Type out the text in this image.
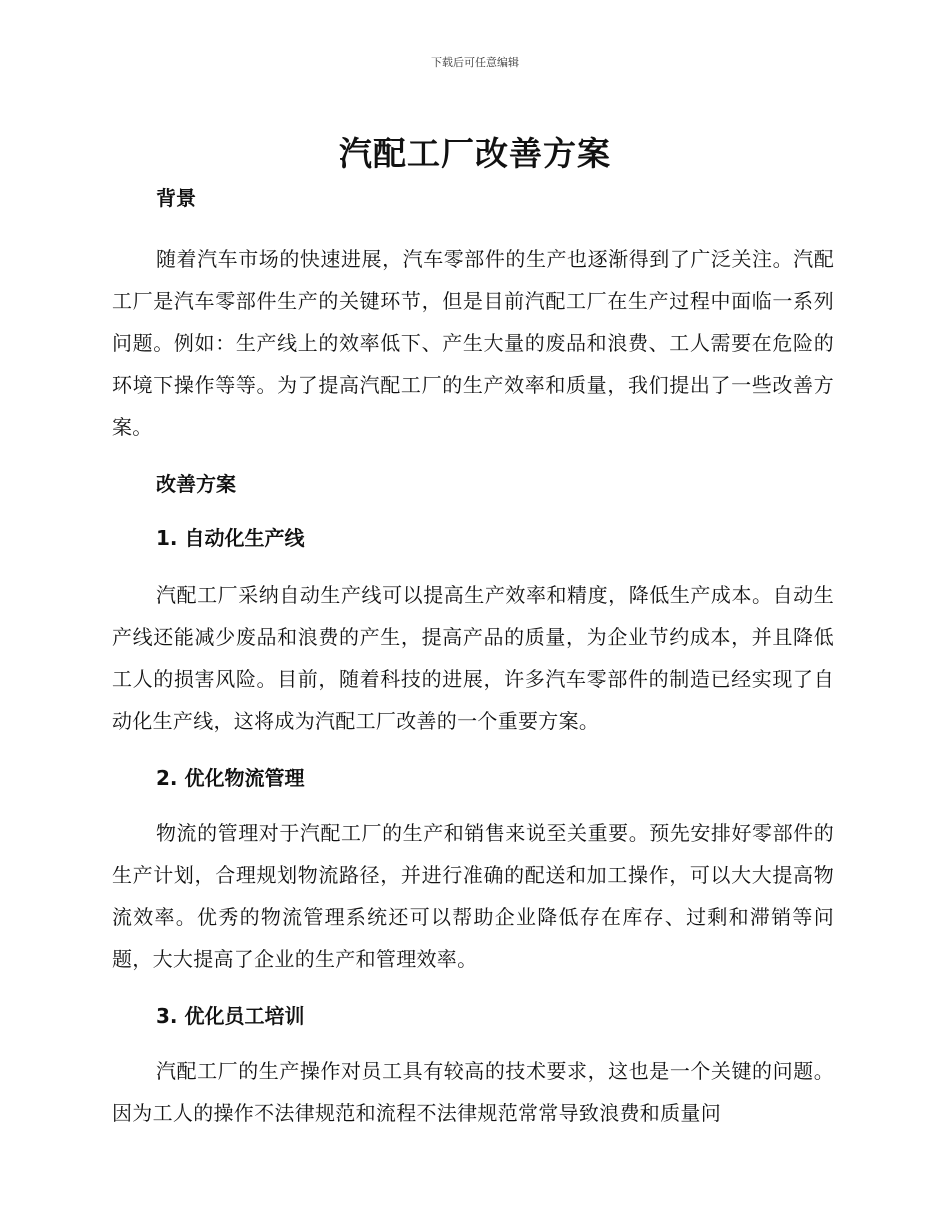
下载后可任意编辑
汽配工厂改善方案

背景

随着汽车市场的快速进展，汽车零部件的生产也逐渐得到了广泛关注。汽配工厂是汽车零部件生产的关键环节，但是目前汽配工厂在生产过程中面临一系列问题。例如：生产线上的效率低下、产生大量的废品和浪费、工人需要在危险的环境下操作等等。为了提高汽配工厂的生产效率和质量，我们提出了一些改善方案。

改善方案

1. 自动化生产线

汽配工厂采纳自动生产线可以提高生产效率和精度，降低生产成本。自动生产线还能减少废品和浪费的产生，提高产品的质量，为企业节约成本，并且降低工人的损害风险。目前，随着科技的进展，许多汽车零部件的制造已经实现了自动化生产线，这将成为汽配工厂改善的一个重要方案。

2. 优化物流管理

物流的管理对于汽配工厂的生产和销售来说至关重要。预先安排好零部件的生产计划，合理规划物流路径，并进行准确的配送和加工操作，可以大大提高物流效率。优秀的物流管理系统还可以帮助企业降低存在库存、过剩和滞销等问题，大大提高了企业的生产和管理效率。

3. 优化员工培训

汽配工厂的生产操作对员工具有较高的技术要求，这也是一个关键的问题。因为工人的操作不法律规范和流程不法律规范常常导致浪费和质量问
